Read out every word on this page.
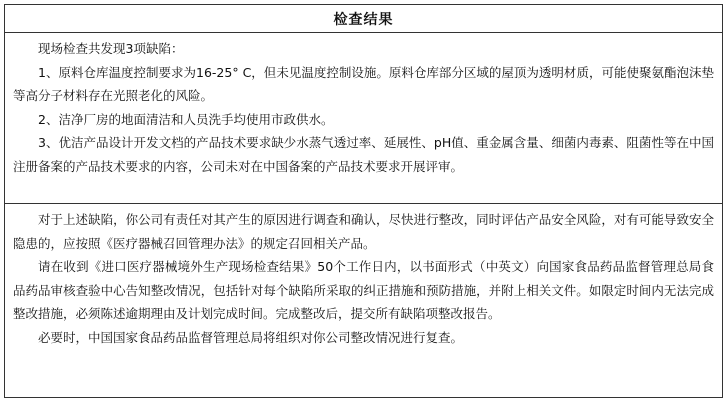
检查结果

现场检查共发现3项缺陷：

1、原料仓库温度控制要求为16-25° C，但未见温度控制设施。原料仓库部分区域的屋顶为透明材质，可能使聚氨酯泡沫垫等高分子材料存在光照老化的风险。

2、洁净厂房的地面清洁和人员洗手均使用市政供水。

3、优洁产品设计开发文档的产品技术要求缺少水蒸气透过率、延展性、pH值、重金属含量、细菌内毒素、阻菌性等在中国注册备案的产品技术要求的内容，公司未对在中国备案的产品技术要求开展评审。

对于上述缺陷，你公司有责任对其产生的原因进行调查和确认，尽快进行整改，同时评估产品安全风险，对有可能导致安全隐患的，应按照《医疗器械召回管理办法》的规定召回相关产品。

请在收到《进口医疗器械境外生产现场检查结果》50个工作日内，以书面形式（中英文）向国家食品药品监督管理总局食品药品审核查验中心告知整改情况，包括针对每个缺陷所采取的纠正措施和预防措施，并附上相关文件。如限定时间内无法完成整改措施，必须陈述逾期理由及计划完成时间。完成整改后，提交所有缺陷项整改报告。

必要时，中国国家食品药品监督管理总局将组织对你公司整改情况进行复查。
